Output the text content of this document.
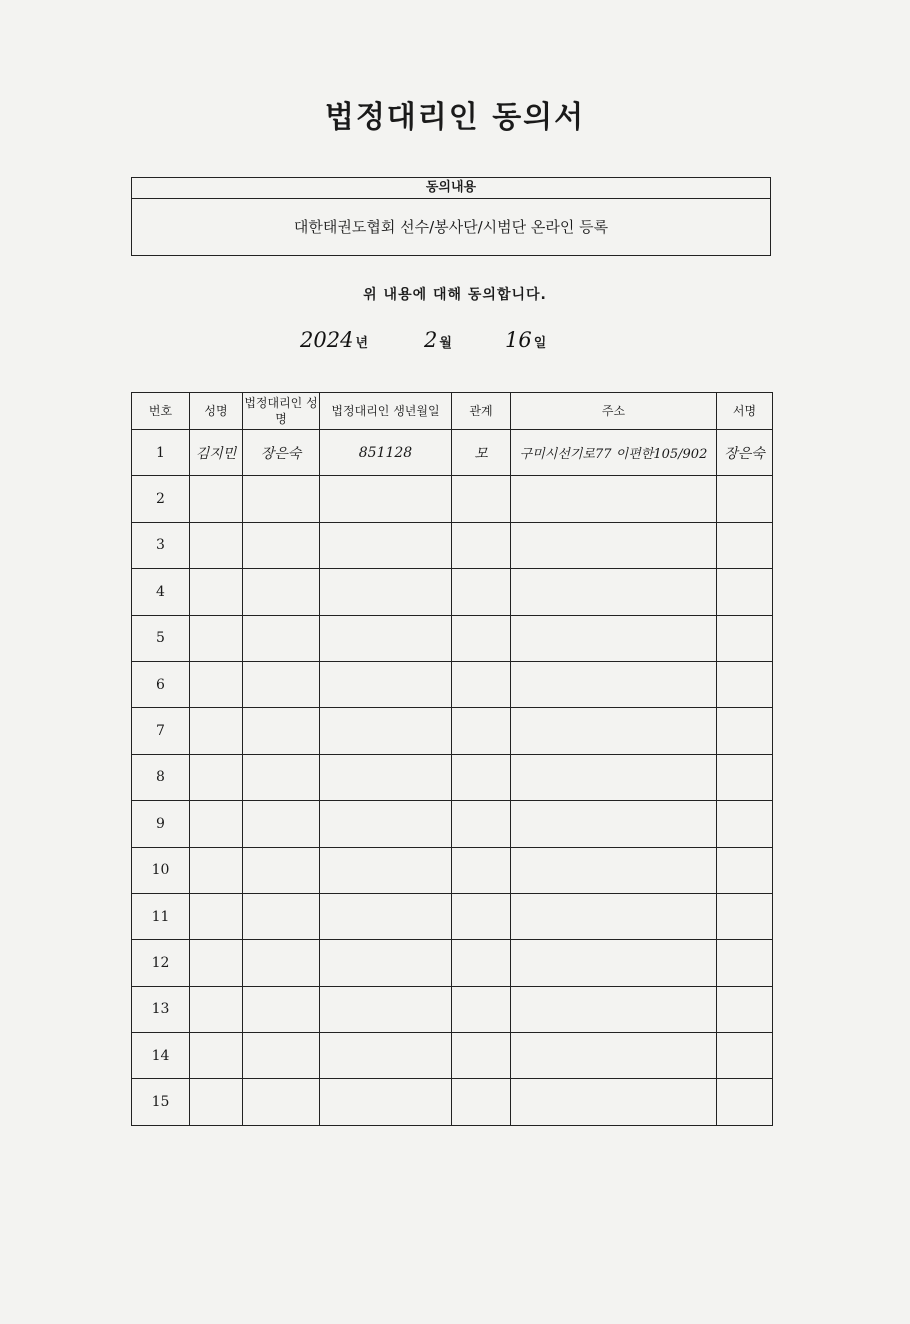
법정대리인 동의서
동의내용
대한태권도협회 선수/봉사단/시범단 온라인 등록
위 내용에 대해 동의합니다.
2024 년	2 월	16 일
번호	성명	법정대리인 성명	법정대리인 생년월일	관계	주소	서명
1	김지민	장은숙	851128	모	구미시선기로77 이편한105/902	장은숙
2						
3						
4						
5						
6						
7						
8						
9						
10						
11						
12						
13						
14						
15						
